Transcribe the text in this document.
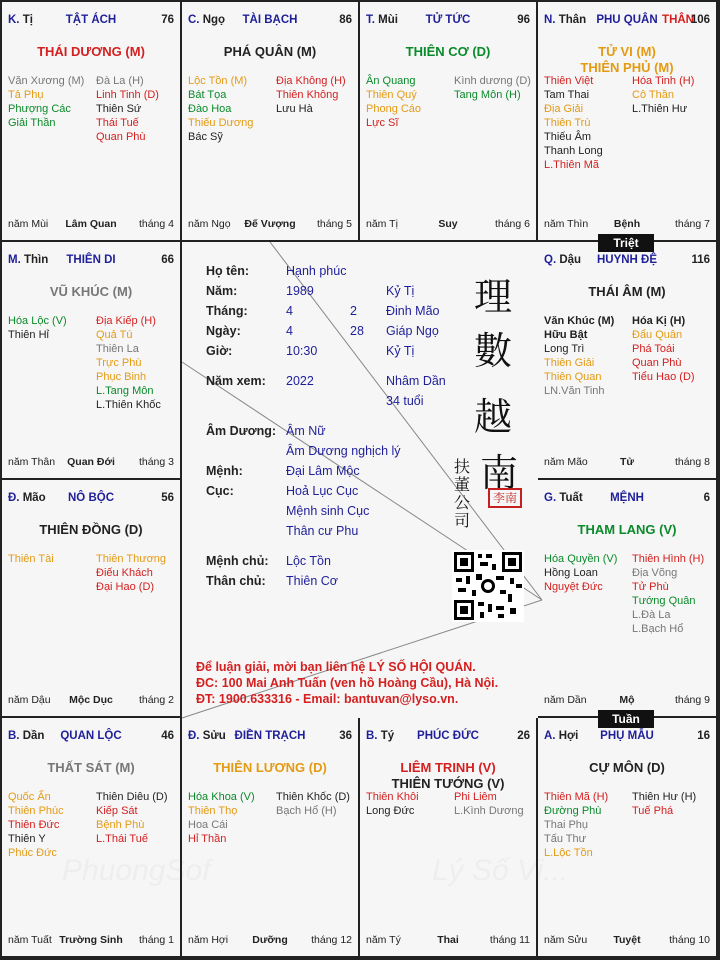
PhuongSof	Lý Số Vi...
K. Tị	TẬT ÁCH	76
THÁI DƯƠNG (M)
Văn Xương (M)
Tả Phụ
Phượng Các
Giải Thần
Đà La (H)
Linh Tinh (D)
Thiên Sứ
Thái Tuế
Quan Phù
năm Mùi	Lâm Quan	tháng 4
C. Ngọ	TÀI BẠCH	86
PHÁ QUÂN (M)
Lộc Tồn (M)
Bát Tọa
Đào Hoa
Thiếu Dương
Bác Sỹ
Địa Không (H)
Thiên Không
Lưu Hà
năm Ngọ	Đế Vượng	tháng 5
T. Mùi	TỬ TỨC	96
THIÊN CƠ (D)
Ân Quang
Thiên Quý
Phong Cáo
Lực Sĩ
Kình dương (D)
Tang Môn (H)
năm Tị	Suy	tháng 6
N. Thân PHU QUÂN THÂN
106
TỬ VI (M)
THIÊN PHỦ (M)
Thiên Việt
Tam Thai
Địa Giải
Thiên Trù
Thiếu Âm
Thanh Long
L.Thiên Mã
Hóa Tinh (H)
Cô Thần
L.Thiên Hư
năm Thìn	Bệnh	tháng 7
M. Thìn	THIÊN DI	66
VŨ KHÚC (M)
Hóa Lộc (V)
Thiên Hỉ
Địa Kiếp (H)
Quả Tú
Thiên La
Trực Phù
Phục Binh
L.Tang Môn
L.Thiên Khốc
năm Thân	Quan Đới	tháng 3
Q. Dậu	HUYNH ĐỆ	116
THÁI ÂM (M)
Văn Khúc (M)
Hữu Bật
Long Trì
Thiên Giải
Thiên Quan
LN.Văn Tinh
Hóa Kị (H)
Đẩu Quân
Phá Toái
Quan Phù
Tiểu Hao (D)
năm Mão	Tử	tháng 8
Đ. Mão	NÔ BỘC	56
THIÊN ĐỒNG (D)
Thiên Tài	Thiên Thương
Điếu Khách
Đại Hao (D)
năm Dậu	Mộc Dục	tháng 2
G. Tuất	MỆNH	6
THAM LANG (V)
Hóa Quyền (V)
Hồng Loan
Nguyệt Đức
Thiên Hình (H)
Địa Võng
Tử Phù
Tướng Quân
L.Đà La
L.Bạch Hổ
năm Dần	Mộ	tháng 9
B. Dần	QUAN LỘC	46
THẤT SÁT (M)
Quốc Ấn
Thiên Phúc
Thiên Đức
Thiên Y
Phúc Đức
Thiên Diêu (D)
Kiếp Sát
Bệnh Phù
L.Thái Tuế
năm Tuất Trường Sinh	tháng 1
Đ. Sửu ĐIỀN TRẠCH	36
THIÊN LƯƠNG (D)
Hóa Khoa (V)
Thiên Thọ
Hoa Cái
Hỉ Thần
Thiên Khốc (D)
Bạch Hổ (H)
năm Hợi	Dưỡng	tháng 12
B. Tý	PHÚC ĐỨC	26
LIÊM TRINH (V)
THIÊN TƯỚNG (V)
Thiên Khôi
Long Đức
Phi Liêm
L.Kình Dương
năm Tý	Thai	tháng 11
A. Hợi	PHỤ MẪU	16
CỰ MÔN (D)
Thiên Mã (H)
Đường Phù
Thai Phụ
Tấu Thư
L.Lộc Tồn
Thiên Hư (H)
Tuế Phá
năm Sửu	Tuyệt	tháng 10
Họ tên:	Hạnh phúc
Năm:	1989	Kỷ Tị
Tháng:	4	2 Đinh Mão
Ngày:	4	28 Giáp Ngọ
Giờ:	10:30	Kỷ Tị
Năm xem: 2022	Nhâm Dần
34 tuổi
Âm Dương: Âm Nữ
Âm Dương nghịch lý
Mệnh:	Đại Lâm Mộc
Cục:	Hoả Lục Cục
Mệnh sinh Cục
Thân cư Phu
Mệnh chủ: Lộc Tồn
Thân chủ: Thiên Cơ
理
數
越
南
扶董公司
李南
Để luận giải, mời bạn liên hệ LÝ SỐ HỘI QUÁN.
ĐC: 100 Mai Anh Tuấn (ven hồ Hoàng Cầu), Hà Nội.
ĐT: 1900.633316 - Email: bantuvan@lyso.vn.
Triệt
Tuần
